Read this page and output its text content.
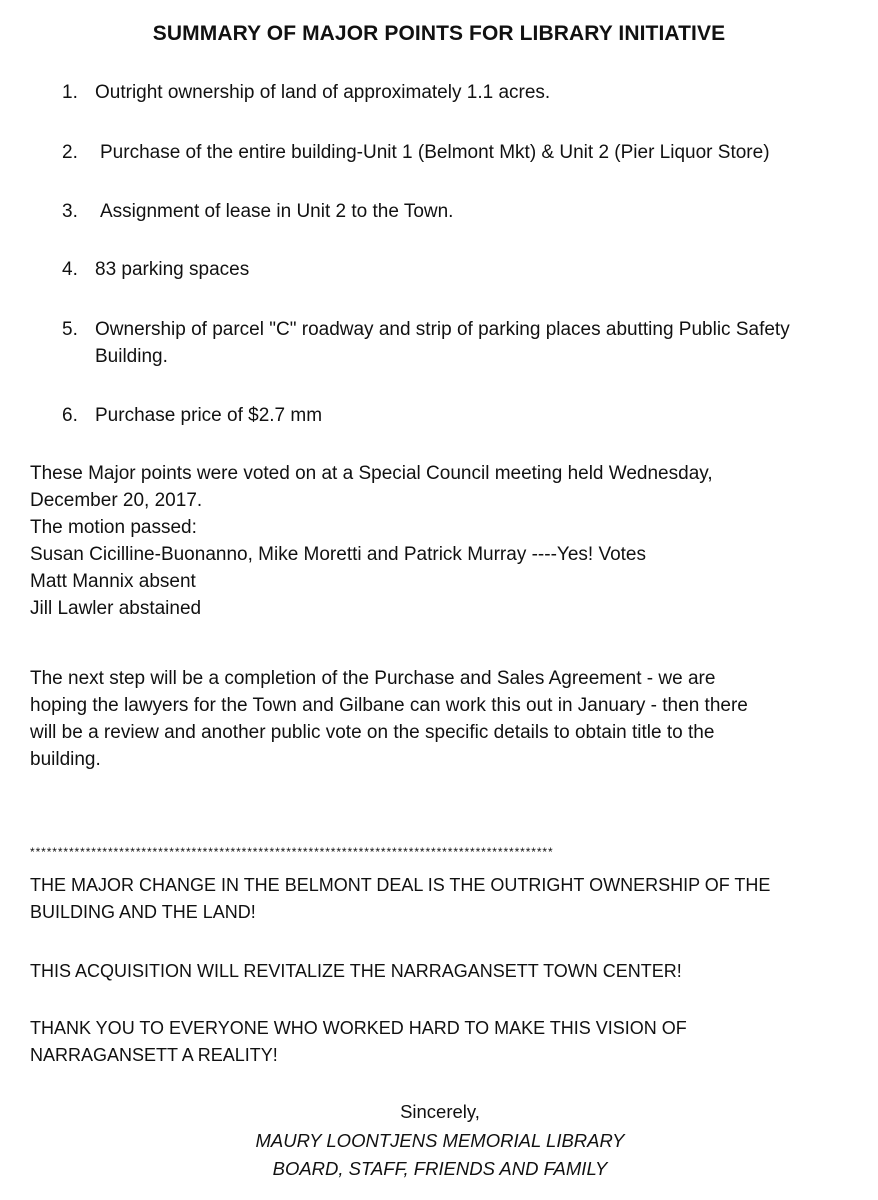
SUMMARY OF MAJOR POINTS FOR LIBRARY INITIATIVE
1. Outright ownership of land of approximately 1.1 acres.
2. Purchase of the entire building-Unit 1 (Belmont Mkt) & Unit 2 (Pier Liquor Store)
3. Assignment of lease in Unit 2 to the Town.
4. 83 parking spaces
5. Ownership of parcel "C" roadway and strip of parking places abutting Public Safety Building.
6. Purchase price of $2.7 mm
These Major points were voted on at a Special Council meeting held Wednesday,
December 20, 2017.
The motion passed:
Susan Cicilline-Buonanno, Mike Moretti and Patrick Murray ----Yes! Votes
Matt Mannix absent
Jill Lawler abstained
The next step will be a completion of the Purchase and Sales Agreement - we are
hoping the lawyers for the Town and Gilbane can work this out in January - then there
will be a review and another public vote on the specific details to obtain title to the
building.
**********************************************************************************************
THE MAJOR CHANGE IN THE BELMONT DEAL IS THE OUTRIGHT OWNERSHIP OF THE
BUILDING AND THE LAND!
THIS ACQUISITION WILL REVITALIZE THE NARRAGANSETT TOWN CENTER!
THANK YOU TO EVERYONE WHO WORKED HARD TO MAKE THIS VISION OF
NARRAGANSETT A REALITY!
Sincerely,
MAURY LOONTJENS MEMORIAL LIBRARY
BOARD, STAFF, FRIENDS AND FAMILY
